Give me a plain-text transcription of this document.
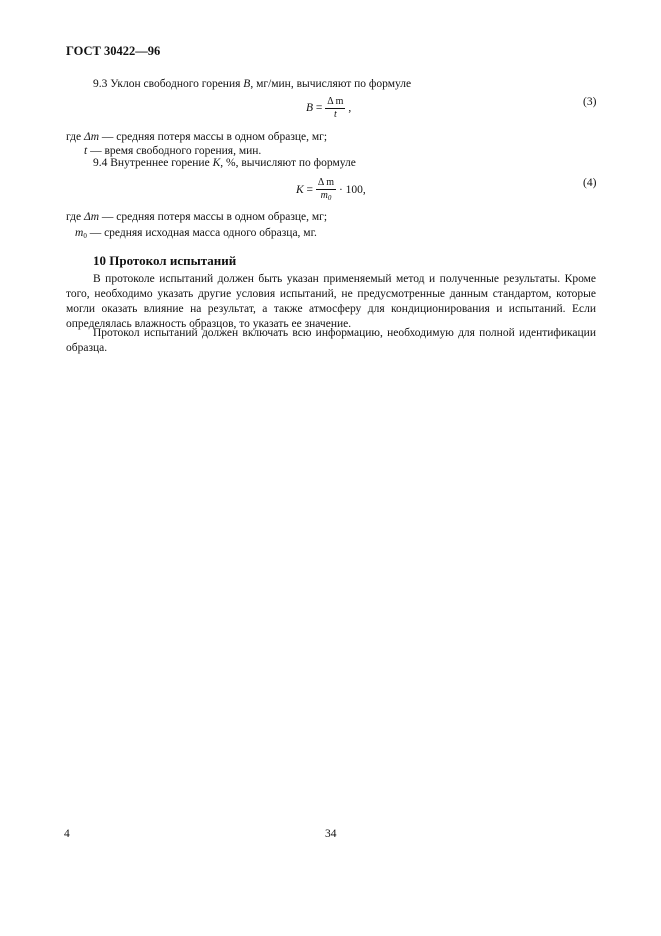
ГОСТ 30422—96
9.3 Уклон свободного горения B, мг/мин, вычисляют по формуле
$B = \frac{\text{Δ m}}{t}$ ,
(3)
где Δm — средняя потеря массы в одном образце, мг;
t — время свободного горения, мин.
9.4 Внутреннее горение K, %, вычисляют по формуле
$K = \frac{\text{Δ m}}{m_0} \cdot 100$,
(4)
где Δm — средняя потеря массы в одном образце, мг;
$m_0$ — средняя исходная масса одного образца, мг.
10 Протокол испытаний
В протоколе испытаний должен быть указан применяемый метод и полученные результаты. Кроме того, необходимо указать другие условия испытаний, не предусмотренные данным стандартом, которые могли оказать влияние на результат, а также атмосферу для кондиционирования и испытаний. Если определялась влажность образцов, то указать ее значение.
Протокол испытаний должен включать всю информацию, необходимую для полной идентификации образца.
4	34
